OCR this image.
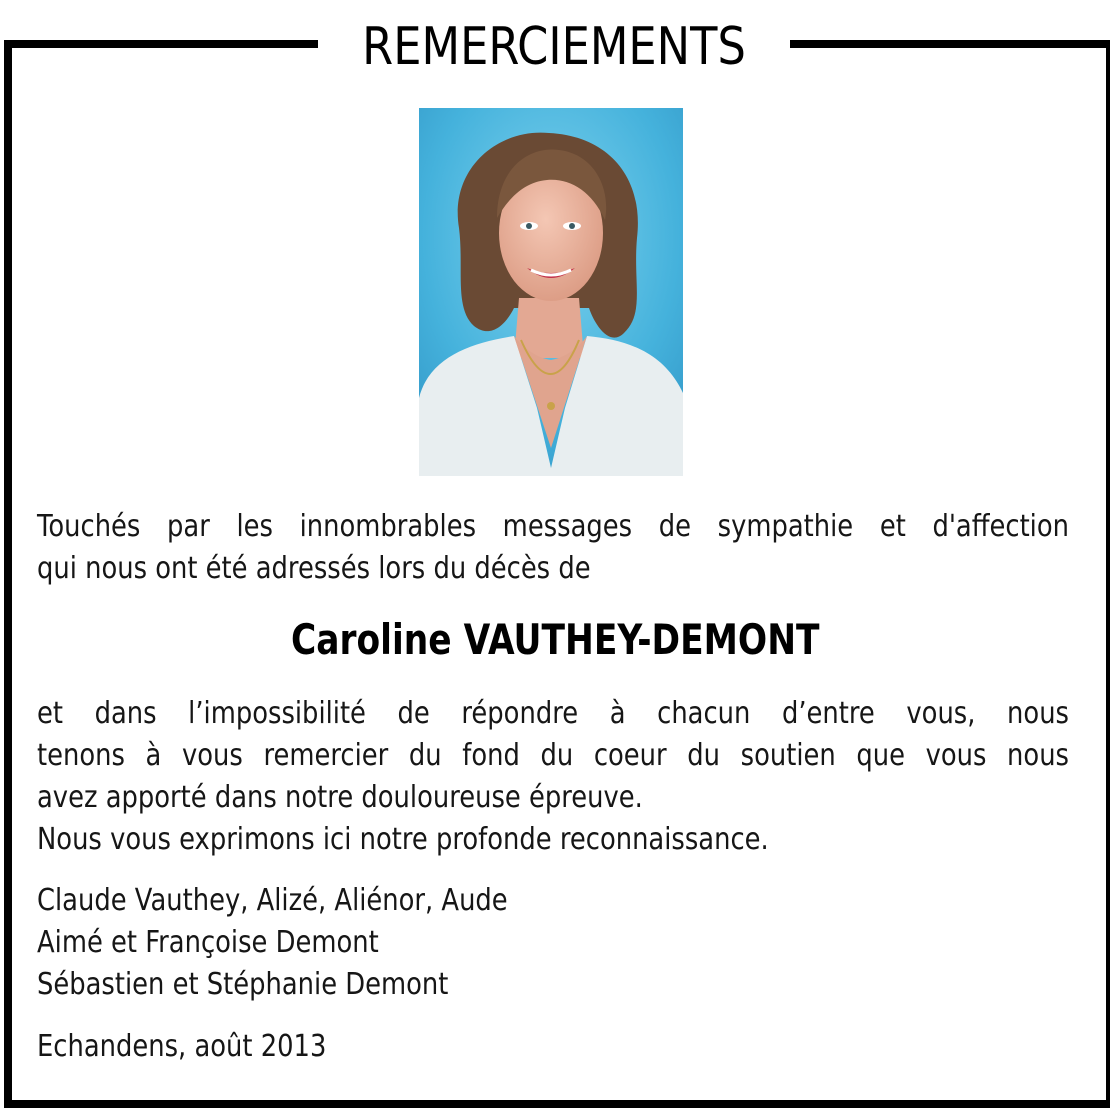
REMERCIEMENTS
Touchés par les innombrables messages de sympathie et d'affection
qui nous ont été adressés lors du décès de
Caroline VAUTHEY-DEMONT
et dans l’impossibilité de répondre à chacun d’entre vous, nous
tenons à vous remercier du fond du coeur du soutien que vous nous
avez apporté dans notre douloureuse épreuve.
Nous vous exprimons ici notre profonde reconnaissance.
Claude Vauthey, Alizé, Aliénor, Aude
Aimé et Françoise Demont
Sébastien et Stéphanie Demont
Echandens, août 2013
